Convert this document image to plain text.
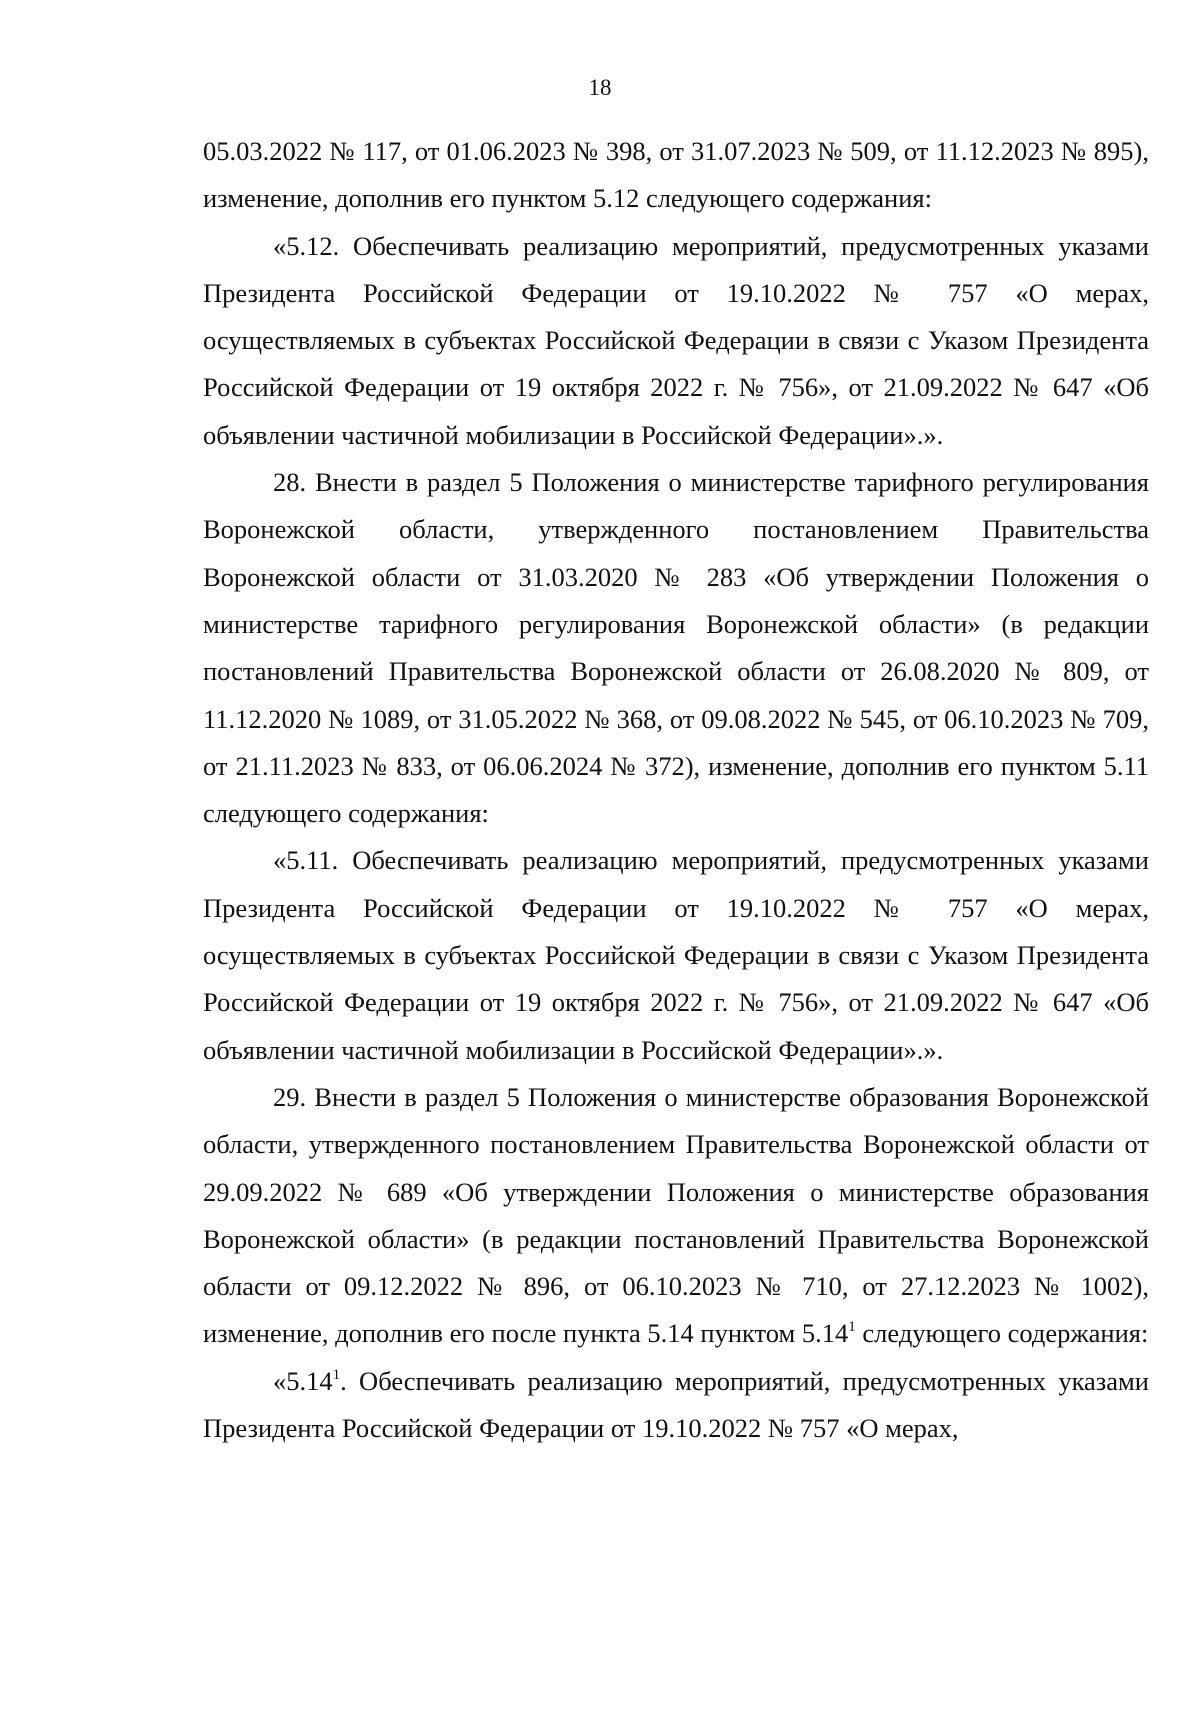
18

05.03.2022 № 117, от 01.06.2023 № 398, от 31.07.2023 № 509, от 11.12.2023 № 895), изменение, дополнив его пунктом 5.12 следующего содержания:

«5.12. Обеспечивать реализацию мероприятий, предусмотренных указами Президента Российской Федерации от 19.10.2022 № 757 «О мерах, осуществляемых в субъектах Российской Федерации в связи с Указом Президента Российской Федерации от 19 октября 2022 г. № 756», от 21.09.2022 № 647 «Об объявлении частичной мобилизации в Российской Федерации».».

28. Внести в раздел 5 Положения о министерстве тарифного регулирования Воронежской области, утвержденного постановлением Правительства Воронежской области от 31.03.2020 № 283 «Об утверждении Положения о министерстве тарифного регулирования Воронежской области» (в редакции постановлений Правительства Воронежской области от 26.08.2020 № 809, от 11.12.2020 № 1089, от 31.05.2022 № 368, от 09.08.2022 № 545, от 06.10.2023 № 709, от 21.11.2023 № 833, от 06.06.2024 № 372), изменение, дополнив его пунктом 5.11 следующего содержания:

«5.11. Обеспечивать реализацию мероприятий, предусмотренных указами Президента Российской Федерации от 19.10.2022 № 757 «О мерах, осуществляемых в субъектах Российской Федерации в связи с Указом Президента Российской Федерации от 19 октября 2022 г. № 756», от 21.09.2022 № 647 «Об объявлении частичной мобилизации в Российской Федерации».».

29. Внести в раздел 5 Положения о министерстве образования Воронежской области, утвержденного постановлением Правительства Воронежской области от 29.09.2022 № 689 «Об утверждении Положения о министерстве образования Воронежской области» (в редакции постановлений Правительства Воронежской области от 09.12.2022 № 896, от 06.10.2023 № 710, от 27.12.2023 № 1002), изменение, дополнив его после пункта 5.14 пунктом 5.14$^1$ следующего содержания:

«5.14$^1$. Обеспечивать реализацию мероприятий, предусмотренных указами Президента Российской Федерации от 19.10.2022 № 757 «О мерах,
